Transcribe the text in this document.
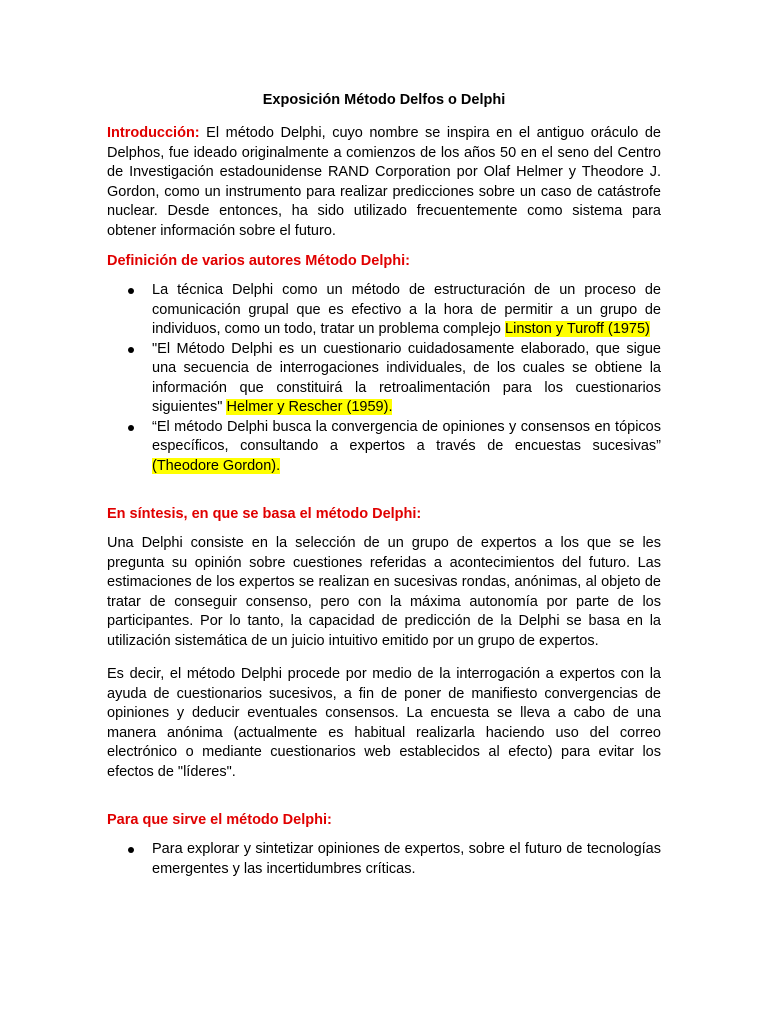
Exposición Método Delfos o Delphi

Introducción: El método Delphi, cuyo nombre se inspira en el antiguo oráculo de Delphos, fue ideado originalmente a comienzos de los años 50 en el seno del Centro de Investigación estadounidense RAND Corporation por Olaf Helmer y Theodore J. Gordon, como un instrumento para realizar predicciones sobre un caso de catástrofe nuclear. Desde entonces, ha sido utilizado frecuentemente como sistema para obtener información sobre el futuro.

Definición de varios autores Método Delphi:
La técnica Delphi como un método de estructuración de un proceso de comunicación grupal que es efectivo a la hora de permitir a un grupo de individuos, como un todo, tratar un problema complejo Linston y Turoff (1975)
"El Método Delphi es un cuestionario cuidadosamente elaborado, que sigue una secuencia de interrogaciones individuales, de los cuales se obtiene la información que constituirá la retroalimentación para los cuestionarios siguientes" Helmer y Rescher (1959).
“El método Delphi busca la convergencia de opiniones y consensos en tópicos específicos, consultando a expertos a través de encuestas sucesivas” (Theodore Gordon).
En síntesis, en que se basa el método Delphi:

Una Delphi consiste en la selección de un grupo de expertos a los que se les pregunta su opinión sobre cuestiones referidas a acontecimientos del futuro. Las estimaciones de los expertos se realizan en sucesivas rondas, anónimas, al objeto de tratar de conseguir consenso, pero con la máxima autonomía por parte de los participantes. Por lo tanto, la capacidad de predicción de la Delphi se basa en la utilización sistemática de un juicio intuitivo emitido por un grupo de expertos.

Es decir, el método Delphi procede por medio de la interrogación a expertos con la ayuda de cuestionarios sucesivos, a fin de poner de manifiesto convergencias de opiniones y deducir eventuales consensos. La encuesta se lleva a cabo de una manera anónima (actualmente es habitual realizarla haciendo uso del correo electrónico o mediante cuestionarios web establecidos al efecto) para evitar los efectos de "líderes".

Para que sirve el método Delphi:
Para explorar y sintetizar opiniones de expertos, sobre el futuro de tecnologías emergentes y las incertidumbres críticas.
